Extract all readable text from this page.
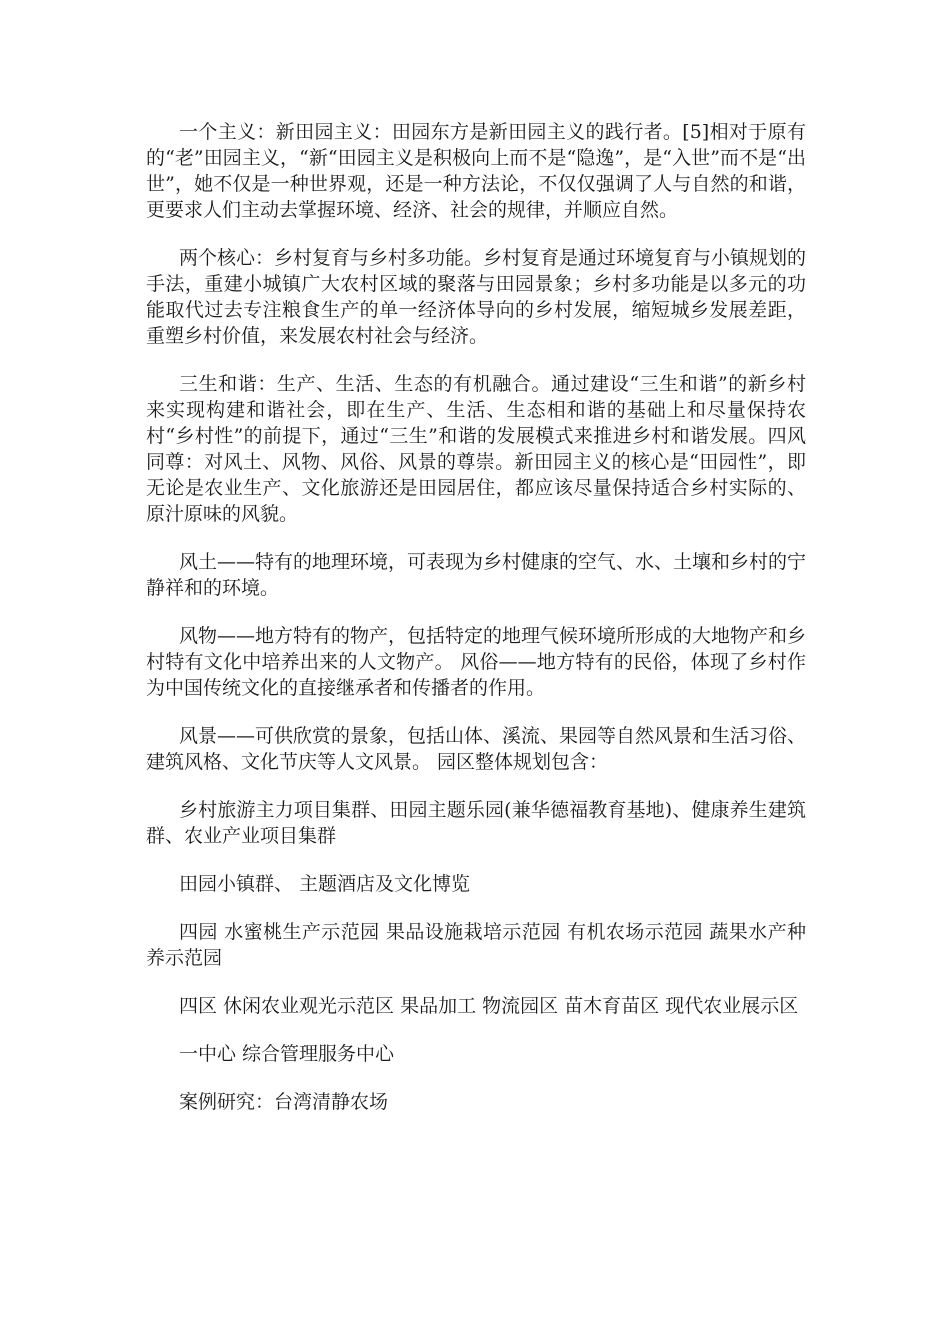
一个主义：新田园主义：田园东方是新田园主义的践行者。[5]相对于原有的“老”田园主义，“新“田园主义是积极向上而不是“隐逸”，是“入世”而不是“出世”，她不仅是一种世界观，还是一种方法论，不仅仅强调了人与自然的和谐，更要求人们主动去掌握环境、经济、社会的规律，并顺应自然。

两个核心：乡村复育与乡村多功能。乡村复育是通过环境复育与小镇规划的手法，重建小城镇广大农村区域的聚落与田园景象；乡村多功能是以多元的功能取代过去专注粮食生产的单一经济体导向的乡村发展，缩短城乡发展差距，重塑乡村价值，来发展农村社会与经济。

三生和谐：生产、生活、生态的有机融合。通过建设“三生和谐”的新乡村来实现构建和谐社会，即在生产、生活、生态相和谐的基础上和尽量保持农村“乡村性”的前提下，通过“三生”和谐的发展模式来推进乡村和谐发展。四风同尊：对风土、风物、风俗、风景的尊崇。新田园主义的核心是“田园性”，即无论是农业生产、文化旅游还是田园居住，都应该尽量保持适合乡村实际的、原汁原味的风貌。

风土——特有的地理环境，可表现为乡村健康的空气、水、土壤和乡村的宁静祥和的环境。

风物——地方特有的物产，包括特定的地理气候环境所形成的大地物产和乡村特有文化中培养出来的人文物产。 风俗——地方特有的民俗，体现了乡村作为中国传统文化的直接继承者和传播者的作用。

风景——可供欣赏的景象，包括山体、溪流、果园等自然风景和生活习俗、建筑风格、文化节庆等人文风景。 园区整体规划包含：

乡村旅游主力项目集群、田园主题乐园(兼华德福教育基地)、健康养生建筑群、农业产业项目集群

田园小镇群、 主题酒店及文化博览

四园 水蜜桃生产示范园 果品设施栽培示范园 有机农场示范园 蔬果水产种养示范园

四区 休闲农业观光示范区 果品加工 物流园区 苗木育苗区 现代农业展示区

一中心 综合管理服务中心

案例研究：台湾清静农场
